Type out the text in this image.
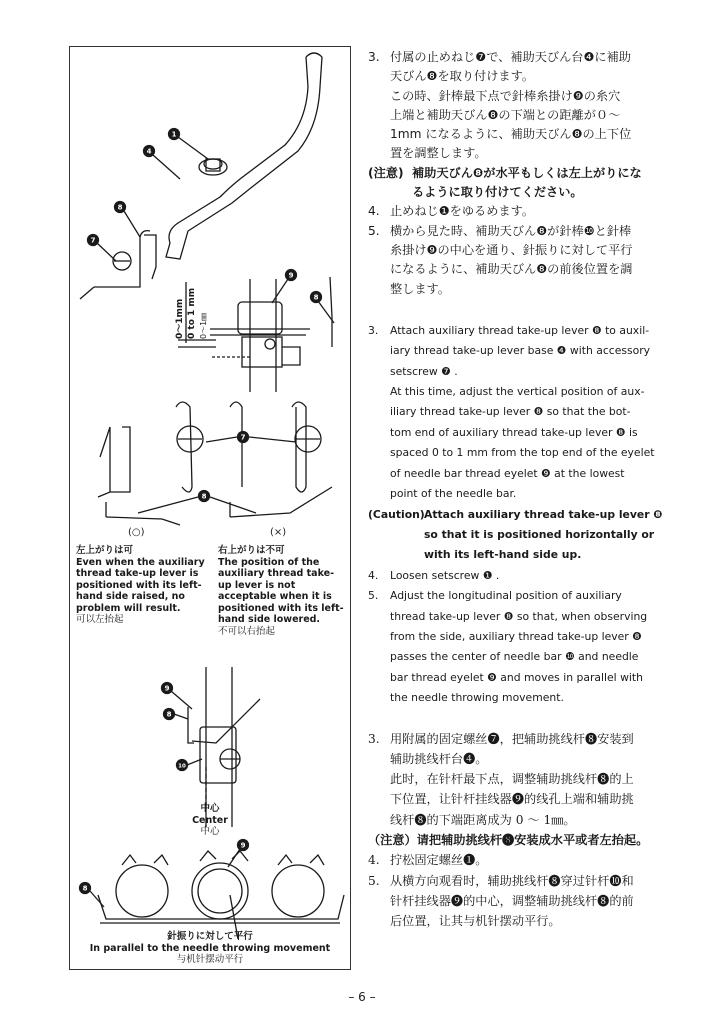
0～1mm 0 to 1 mm 0～1㎜
(○)	(×)
1
4
8
7
9
8
7
8
9
8
10
9
8
左上がりは可
Even when the auxiliary thread take-up lever is positioned with its left-hand side raised, no problem will result.
可以左抬起
右上がりは不可
The position of the auxiliary thread take-up lever is not acceptable when it is positioned with its left-hand side lowered.
不可以右抬起
中心
Center
中心
針振りに対して平行
In parallel to the needle throwing movement
与机针摆动平行
3. 付属の止めねじ❼で、補助天びん台❹に補助
天びん❽を取り付けます。
この時、針棒最下点で針棒糸掛け❾の糸穴
上端と補助天びん❽の下端との距離が０～
1mm になるように、補助天びん❽の上下位
置を調整します。
(注意) 補助天びん❽が水平もしくは左上がりにな
るように取り付けてください。
4. 止めねじ❶をゆるめます。
5. 横から見た時、補助天びん❽が針棒❿と針棒
糸掛け❾の中心を通り、針振りに対して平行
になるように、補助天びん❽の前後位置を調
整します。
3.	Attach auxiliary thread take-up lever ❽ to auxil-
iary thread take-up lever base ❹ with accessory
setscrew ❼ .
At this time, adjust the vertical position of aux-
iliary thread take-up lever ❽ so that the bot-
tom end of auxiliary thread take-up lever ❽ is
spaced 0 to 1 mm from the top end of the eyelet
of needle bar thread eyelet ❾ at the lowest
point of the needle bar.
(Caution) Attach auxiliary thread take-up lever ❽
so that it is positioned horizontally or
with its left-hand side up.
4.	Loosen setscrew ❶ .
5.	Adjust the longitudinal position of auxiliary
thread take-up lever ❽ so that, when observing
from the side, auxiliary thread take-up lever ❽
passes the center of needle bar ❿ and needle
bar thread eyelet ❾ and moves in parallel with
the needle throwing movement.
3. 用附属的固定螺丝❼，把辅助挑线杆❽安装到
辅助挑线杆台❹。
此时，在针杆最下点，调整辅助挑线杆❽的上
下位置，让针杆挂线器❾的线孔上端和辅助挑
线杆❽的下端距离成为 0 ～ 1㎜。
（注意）请把辅助挑线杆❽安装成水平或者左抬起。
4. 拧松固定螺丝❶。
5. 从横方向观看时，辅助挑线杆❽穿过针杆❿和
针杆挂线器❾的中心，调整辅助挑线杆❽的前
后位置，让其与机针摆动平行。
– 6 –
